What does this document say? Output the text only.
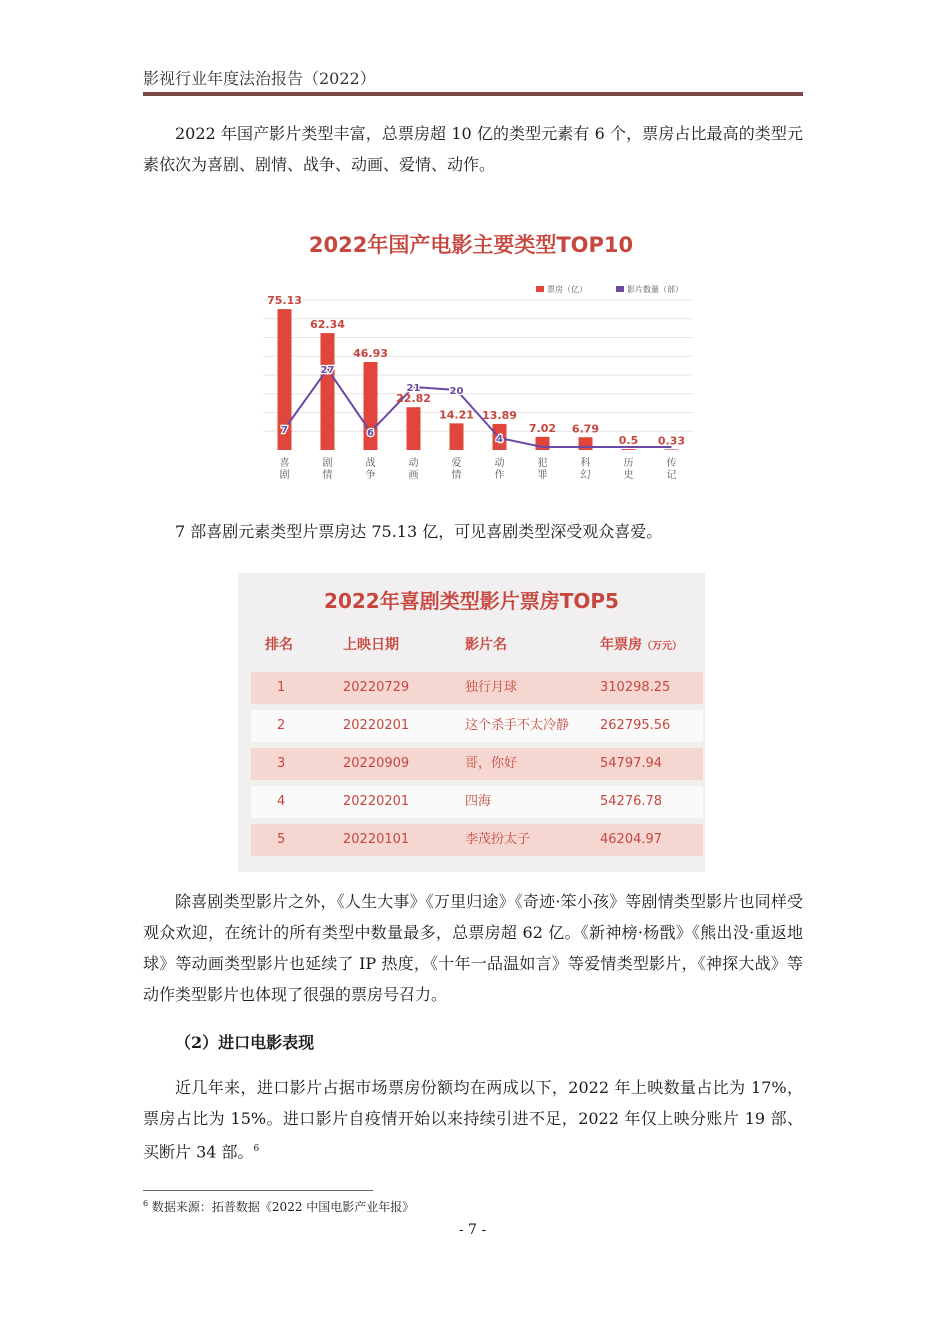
影视行业年度法治报告（2022）

2022 年国产影片类型丰富，总票房超 10 亿的类型元素有 6 个，票房占比最高的类型元素依次为喜剧、剧情、战争、动画、爱情、动作。

2022年国产电影主要类型TOP10
票房（亿）	影片数量（部）
7
27
6
21	20
4
75.13
喜
剧
62.34
剧
情
46.93
战
争
22.82
动
画
14.21
爱
情
13.89
动
作
7.02
犯
罪
6.79
科
幻
0.5
历
史
0.33
传
记

7 部喜剧元素类型片票房达 75.13 亿，可见喜剧类型深受观众喜爱。

2022年喜剧类型影片票房TOP5
排名	上映日期	影片名	年票房（万元）
1	20220729	独行月球	310298.25
2	20220201	这个杀手不太冷静 262795.56
3	20220909	哥，你好	54797.94
4	20220201	四海	54276.78
5	20220101	李茂扮太子	46204.97

除喜剧类型影片之外，《人生大事》《万里归途》《奇迹·笨小孩》等剧情类型影片也同样受观众欢迎，在统计的所有类型中数量最多，总票房超 62 亿。《新神榜·杨戬》《熊出没·重返地球》等动画类型影片也延续了 IP 热度，《十年一品温如言》等爱情类型影片，《神探大战》等动作类型影片也体现了很强的票房号召力。

（2）进口电影表现

近几年来，进口影片占据市场票房份额均在两成以下，2022 年上映数量占比为 17%，票房占比为 15%。进口影片自疫情开始以来持续引进不足，2022 年仅上映分账片 19 部、买断片 34 部。$^6$

$^6$ 数据来源：拓普数据《2022 中国电影产业年报》
- 7 -
